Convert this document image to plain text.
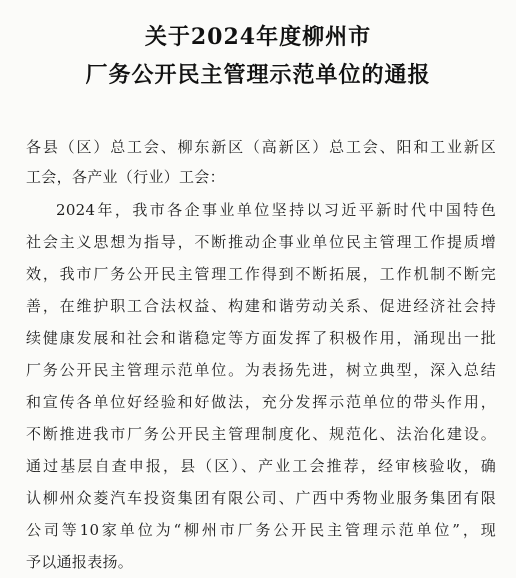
关于2024年度柳州市
厂务公开民主管理示范单位的通报
各县（区）总工会、柳东新区（高新区）总工会、阳和工业新区
工会，各产业（行业）工会：
2024年，我市各企事业单位坚持以习近平新时代中国特色
社会主义思想为指导，不断推动企事业单位民主管理工作提质增
效，我市厂务公开民主管理工作得到不断拓展，工作机制不断完
善，在维护职工合法权益、构建和谐劳动关系、促进经济社会持
续健康发展和社会和谐稳定等方面发挥了积极作用，涌现出一批
厂务公开民主管理示范单位。为表扬先进，树立典型，深入总结
和宣传各单位好经验和好做法，充分发挥示范单位的带头作用，
不断推进我市厂务公开民主管理制度化、规范化、法治化建设。
通过基层自查申报，县（区）、产业工会推荐，经审核验收，确
认柳州众菱汽车投资集团有限公司、广西中秀物业服务集团有限
公司等10家单位为“柳州市厂务公开民主管理示范单位”，现
予以通报表扬。
